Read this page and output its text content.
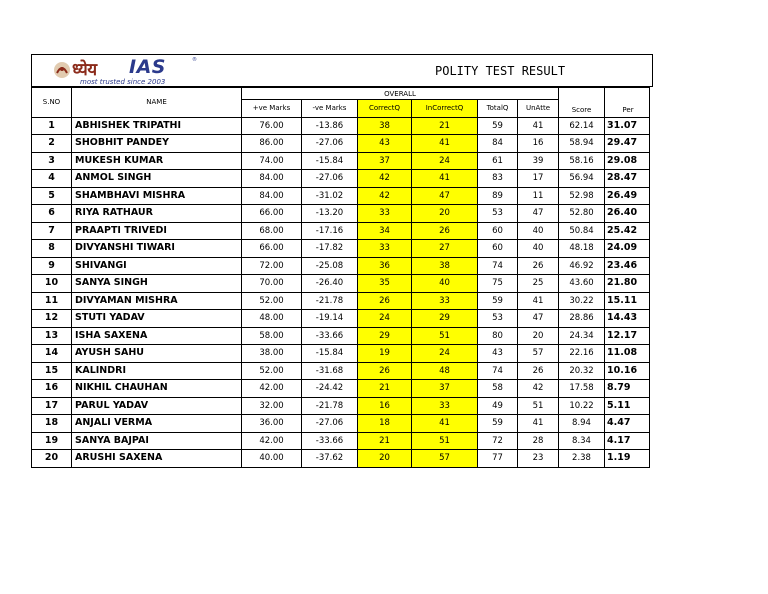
ध्येय IAS	®
most trusted since 2003
POLITY TEST RESULT
S.NO	NAME	OVERALL						Score	Per
		+ve Marks	-ve Marks	CorrectQ	InCorrectQ	TotalQ	UnAtte		
1	ABHISHEK TRIPATHI	76.00	-13.86	38	21	59	41	62.14	31.07
2	SHOBHIT PANDEY	86.00	-27.06	43	41	84	16	58.94	29.47
3	MUKESH KUMAR	74.00	-15.84	37	24	61	39	58.16	29.08
4	ANMOL SINGH	84.00	-27.06	42	41	83	17	56.94	28.47
5	SHAMBHAVI MISHRA	84.00	-31.02	42	47	89	11	52.98	26.49
6	RIYA RATHAUR	66.00	-13.20	33	20	53	47	52.80	26.40
7	PRAAPTI TRIVEDI	68.00	-17.16	34	26	60	40	50.84	25.42
8	DIVYANSHI TIWARI	66.00	-17.82	33	27	60	40	48.18	24.09
9	SHIVANGI	72.00	-25.08	36	38	74	26	46.92	23.46
10	SANYA SINGH	70.00	-26.40	35	40	75	25	43.60	21.80
11	DIVYAMAN MISHRA	52.00	-21.78	26	33	59	41	30.22	15.11
12	STUTI YADAV	48.00	-19.14	24	29	53	47	28.86	14.43
13	ISHA SAXENA	58.00	-33.66	29	51	80	20	24.34	12.17
14	AYUSH SAHU	38.00	-15.84	19	24	43	57	22.16	11.08
15	KALINDRI	52.00	-31.68	26	48	74	26	20.32	10.16
16	NIKHIL CHAUHAN	42.00	-24.42	21	37	58	42	17.58	8.79
17	PARUL YADAV	32.00	-21.78	16	33	49	51	10.22	5.11
18	ANJALI VERMA	36.00	-27.06	18	41	59	41	8.94	4.47
19	SANYA BAJPAI	42.00	-33.66	21	51	72	28	8.34	4.17
20	ARUSHI SAXENA	40.00	-37.62	20	57	77	23	2.38	1.19
